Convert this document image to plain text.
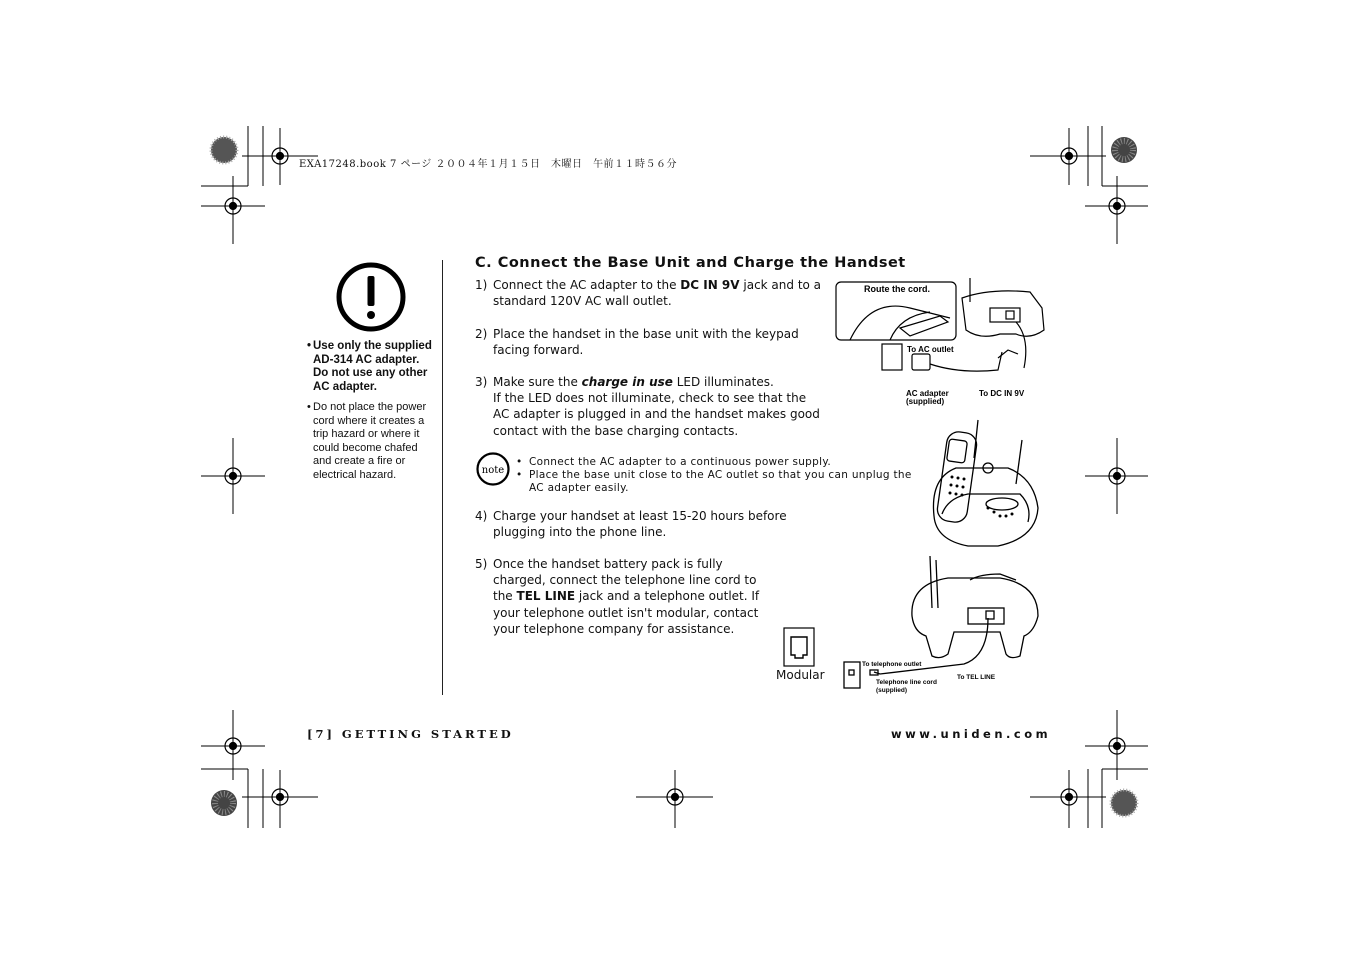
EXA17248.book 7 ページ ２００４年１月１５日　木曜日　午前１１時５６分
• Use only the supplied AD-314 AC adapter. Do not use any other AC adapter.
• Do not place the power cord where it creates a trip hazard or where it could become chafed and create a fire or electrical hazard.
C. Connect the Base Unit and Charge the Handset
1) Connect the AC adapter to the DC IN 9V jack and to a standard 120V AC wall outlet.
2) Place the handset in the base unit with the keypad facing forward.
3) Make sure the charge in use LED illuminates.
If the LED does not illuminate, check to see that the AC adapter is plugged in and the handset makes good contact with the base charging contacts.
note
• Connect the AC adapter to a continuous power supply.
• Place the base unit close to the AC outlet so that you can unplug the AC adapter easily.
4) Charge your handset at least 15-20 hours before plugging into the phone line.
5) Once the handset battery pack is fully charged, connect the telephone line cord to the TEL LINE jack and a telephone outlet. If your telephone outlet isn't modular, contact your telephone company for assistance.
Route the cord.
To AC outlet
AC adapter
(supplied)
To DC IN 9V
Modular
To telephone outlet
Telephone line cord
(supplied)
To TEL LINE
[7] GETTING STARTED	www.uniden.com
